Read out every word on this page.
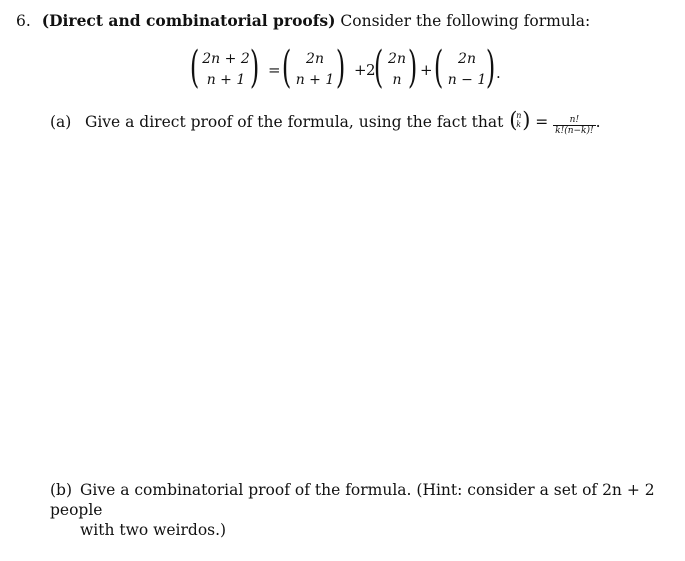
6. (Direct and combinatorial proofs) Consider the following formula:
( 2n + 2
n + 1 ) = (	2n
n + 1 ) + 2
( 2n
n ) + (	2n
n − 1 ) .
(a) Give a direct proof of the formula, using the fact that (
n
k ) = $\frac{n!}{k!(n-k)!}$ .
(b) Give a combinatorial proof of the formula. (Hint: consider a set of 2n + 2 people
with two weirdos.)
